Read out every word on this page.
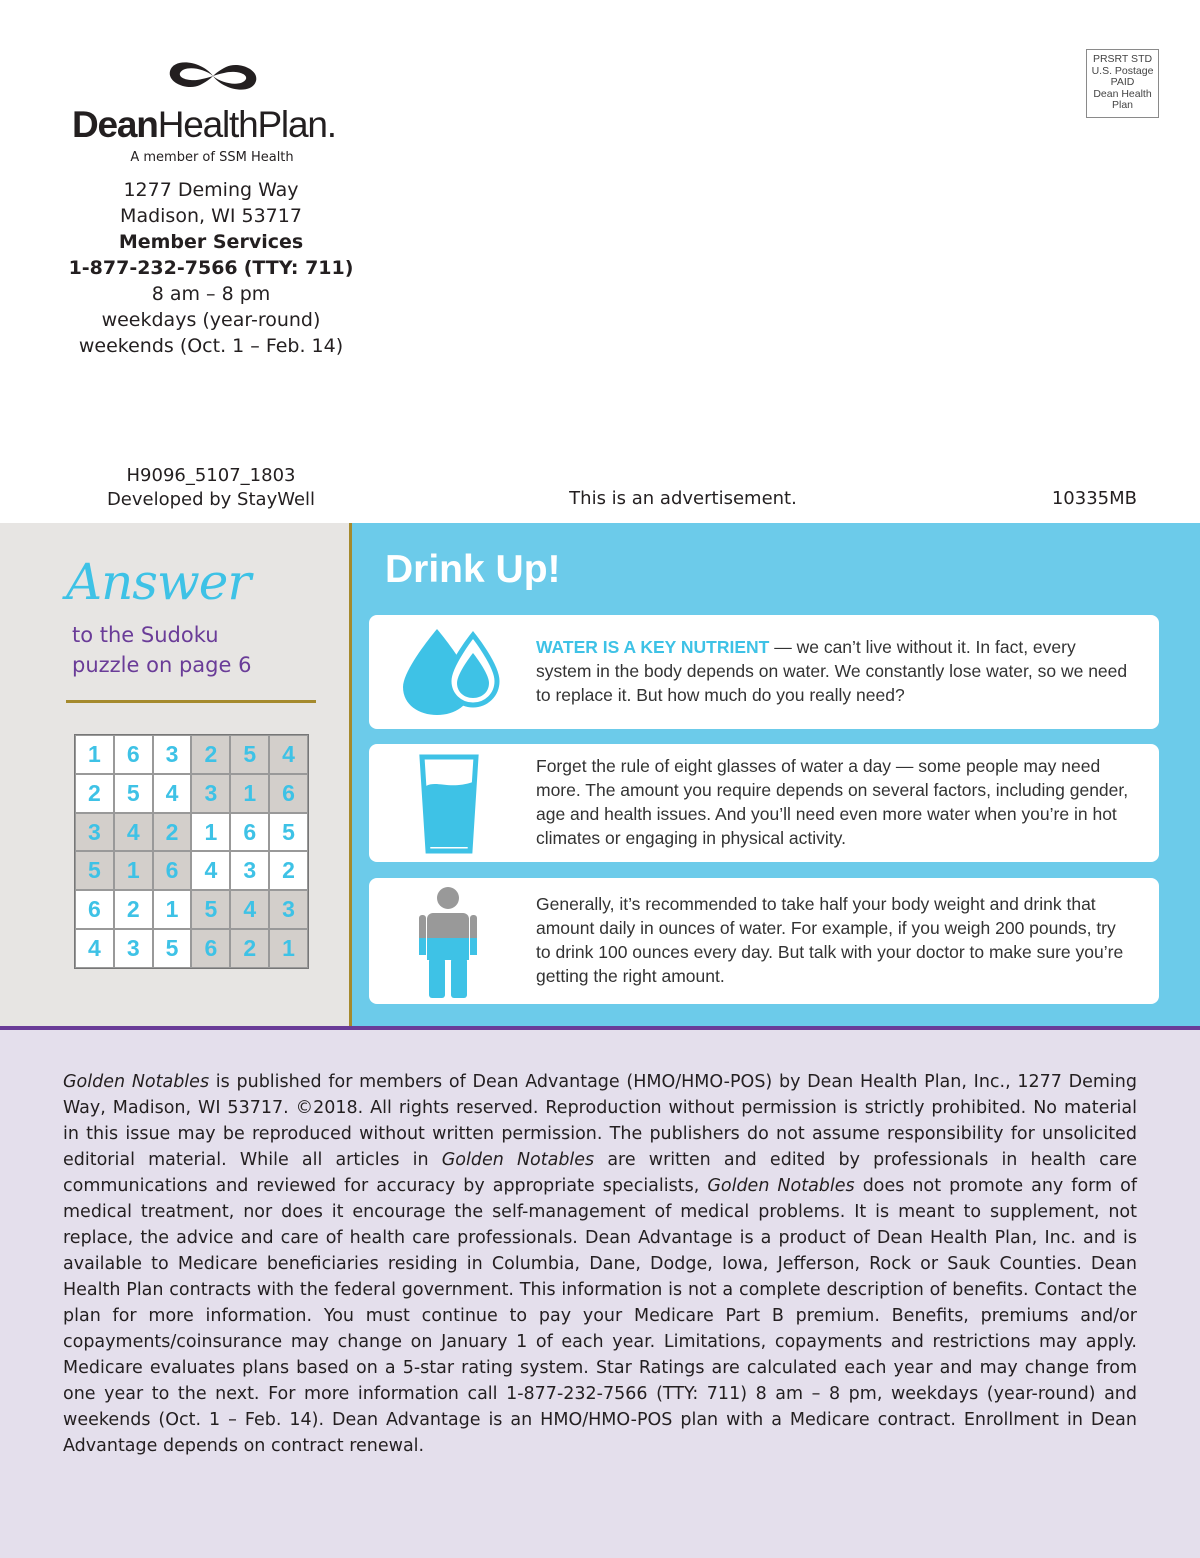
DeanHealthPlan.
A member of SSM Health
1277 Deming Way
Madison, WI 53717
Member Services
1-877-232-7566 (TTY: 711)
8 am – 8 pm
weekdays (year-round)
weekends (Oct. 1 – Feb. 14)
PRSRT STD
U.S. Postage
PAID
Dean Health
Plan
H9096_5107_1803
Developed by StayWell	This is an advertisement.	10335MB
Answer
to the Sudoku
puzzle on page 6
1	6	3	2	5	4
2	5	4	3	1	6
3	4	2	1	6	5
5	1	6	4	3	2
6	2	1	5	4	3
4	3	5	6	2	1
Drink Up!
WATER IS A KEY NUTRIENT — we can’t live without it. In fact, every system in the body depends on water. We constantly lose water, so we need to replace it. But how much do you really need?
Forget the rule of eight glasses of water a day — some people may need more. The amount you require depends on several factors, including gender, age and health issues. And you’ll need even more water when you’re in hot climates or engaging in physical activity.
Generally, it’s recommended to take half your body weight and drink that amount daily in ounces of water. For example, if you weigh 200 pounds, try to drink 100 ounces every day. But talk with your doctor to make sure you’re getting the right amount.
Golden Notables is published for members of Dean Advantage (HMO/HMO-POS) by Dean Health Plan, Inc., 1277 Deming Way, Madison, WI 53717. ©2018. All rights reserved. Reproduction without permission is strictly prohibited. No material in this issue may be reproduced without written permission. The publishers do not assume responsibility for unsolicited editorial material. While all articles in Golden Notables are written and edited by professionals in health care communications and reviewed for accuracy by appropriate specialists, Golden Notables does not promote any form of medical treatment, nor does it encourage the self-management of medical problems. It is meant to supplement, not replace, the advice and care of health care professionals. Dean Advantage is a product of Dean Health Plan, Inc. and is available to Medicare beneficiaries residing in Columbia, Dane, Dodge, Iowa, Jefferson, Rock or Sauk Counties. Dean Health Plan contracts with the federal government. This information is not a complete description of benefits. Contact the plan for more information. You must continue to pay your Medicare Part B premium. Benefits, premiums and/or copayments/coinsurance may change on January 1 of each year. Limitations, copayments and restrictions may apply. Medicare evaluates plans based on a 5-star rating system. Star Ratings are calculated each year and may change from one year to the next. For more information call 1-877-232-7566 (TTY: 711) 8 am – 8 pm, weekdays (year-round) and weekends (Oct. 1 – Feb. 14). Dean Advantage is an HMO/HMO-POS plan with a Medicare contract. Enrollment in Dean Advantage depends on contract renewal.
